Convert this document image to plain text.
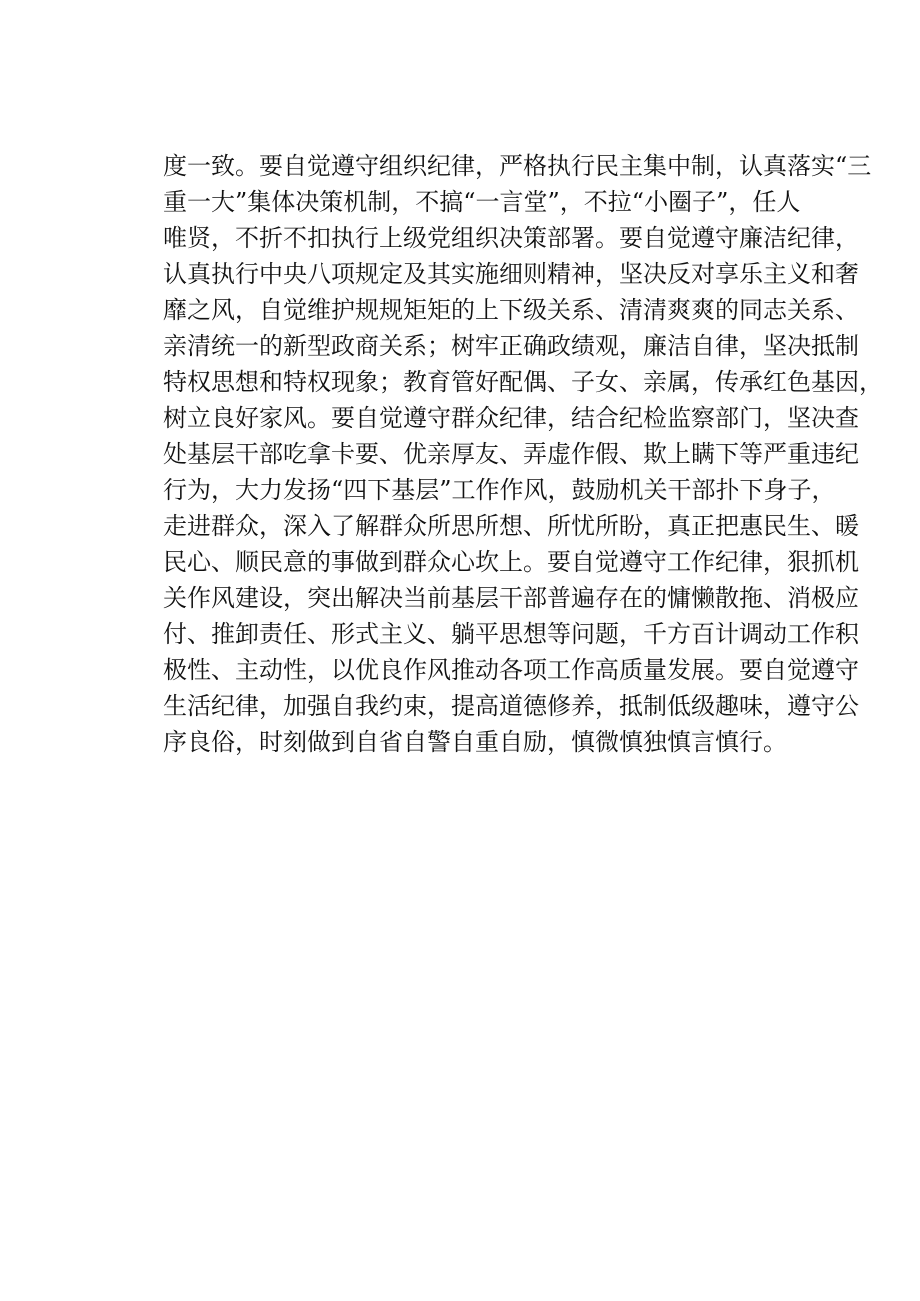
度一致。要自觉遵守组织纪律，严格执行民主集中制，认真落实“三
重一大”集体决策机制，不搞“一言堂”，不拉“小圈子”，任人
唯贤，不折不扣执行上级党组织决策部署。要自觉遵守廉洁纪律，
认真执行中央八项规定及其实施细则精神，坚决反对享乐主义和奢
靡之风，自觉维护规规矩矩的上下级关系、清清爽爽的同志关系、
亲清统一的新型政商关系；树牢正确政绩观，廉洁自律，坚决抵制
特权思想和特权现象；教育管好配偶、子女、亲属，传承红色基因，
树立良好家风。要自觉遵守群众纪律，结合纪检监察部门，坚决查
处基层干部吃拿卡要、优亲厚友、弄虚作假、欺上瞒下等严重违纪
行为，大力发扬“四下基层”工作作风，鼓励机关干部扑下身子，
走进群众，深入了解群众所思所想、所忧所盼，真正把惠民生、暖
民心、顺民意的事做到群众心坎上。要自觉遵守工作纪律，狠抓机
关作风建设，突出解决当前基层干部普遍存在的慵懒散拖、消极应
付、推卸责任、形式主义、躺平思想等问题，千方百计调动工作积
极性、主动性，以优良作风推动各项工作高质量发展。要自觉遵守
生活纪律，加强自我约束，提高道德修养，抵制低级趣味，遵守公
序良俗，时刻做到自省自警自重自励，慎微慎独慎言慎行。
